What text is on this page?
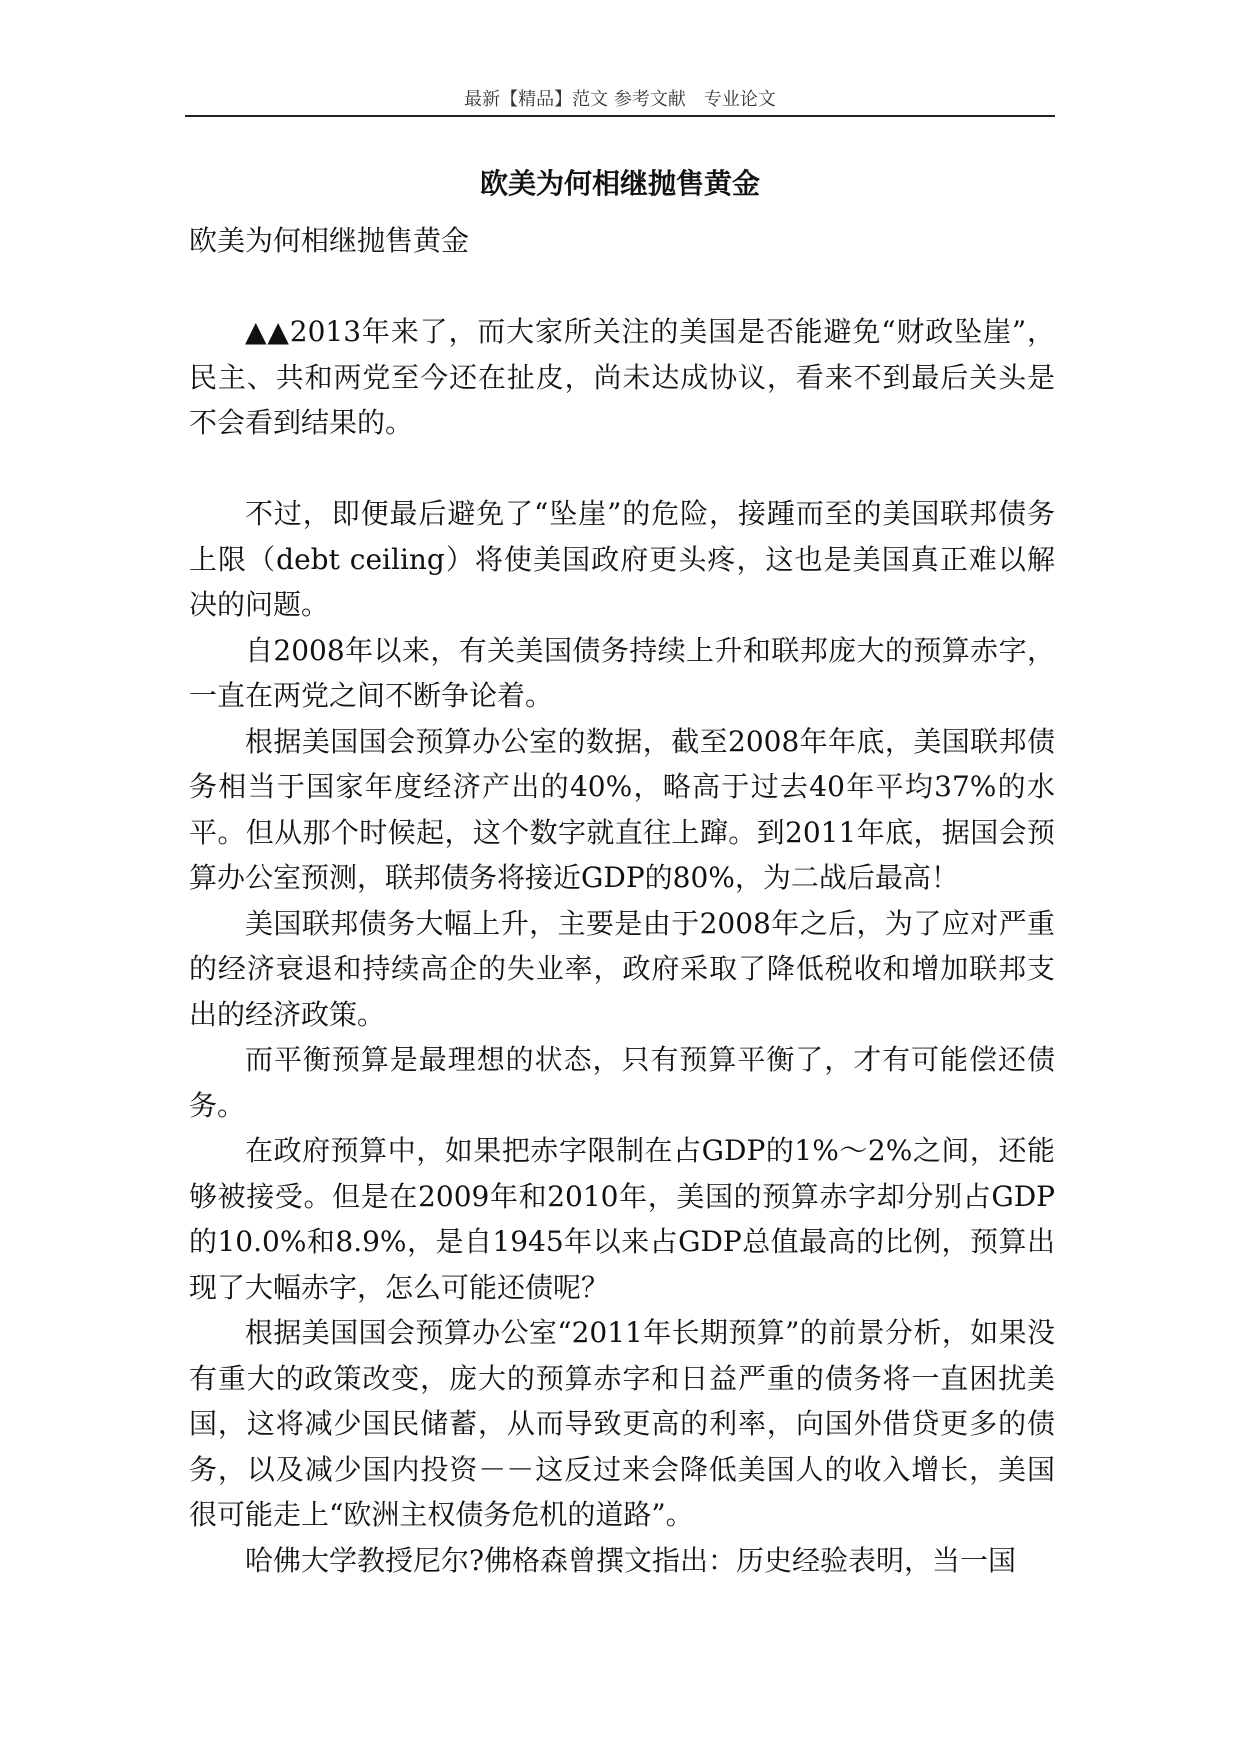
最新【精品】范文 参考文献　专业论文
欧美为何相继抛售黄金

欧美为何相继抛售黄金

▲▲2013年来了，而大家所关注的美国是否能避免“财政坠崖”，民主、共和两党至今还在扯皮，尚未达成协议，看来不到最后关头是不会看到结果的。

不过，即便最后避免了“坠崖”的危险，接踵而至的美国联邦债务上限（debt ceiling）将使美国政府更头疼，这也是美国真正难以解决的问题。

自2008年以来，有关美国债务持续上升和联邦庞大的预算赤字，一直在两党之间不断争论着。

根据美国国会预算办公室的数据，截至2008年年底，美国联邦债务相当于国家年度经济产出的40%，略高于过去40年平均37%的水平。但从那个时候起，这个数字就直往上蹿。到2011年底，据国会预算办公室预测，联邦债务将接近GDP的80%，为二战后最高！

美国联邦债务大幅上升，主要是由于2008年之后，为了应对严重的经济衰退和持续高企的失业率，政府采取了降低税收和增加联邦支出的经济政策。

而平衡预算是最理想的状态，只有预算平衡了，才有可能偿还债务。

在政府预算中，如果把赤字限制在占GDP的1%～2%之间，还能够被接受。但是在2009年和2010年，美国的预算赤字却分别占GDP的10.0%和8.9%，是自1945年以来占GDP总值最高的比例，预算出现了大幅赤字，怎么可能还债呢？

根据美国国会预算办公室“2011年长期预算”的前景分析，如果没有重大的政策改变，庞大的预算赤字和日益严重的债务将一直困扰美国，这将减少国民储蓄，从而导致更高的利率，向国外借贷更多的债务，以及减少国内投资－－这反过来会降低美国人的收入增长，美国很可能走上“欧洲主权债务危机的道路”。

哈佛大学教授尼尔?佛格森曾撰文指出：历史经验表明，当一国
